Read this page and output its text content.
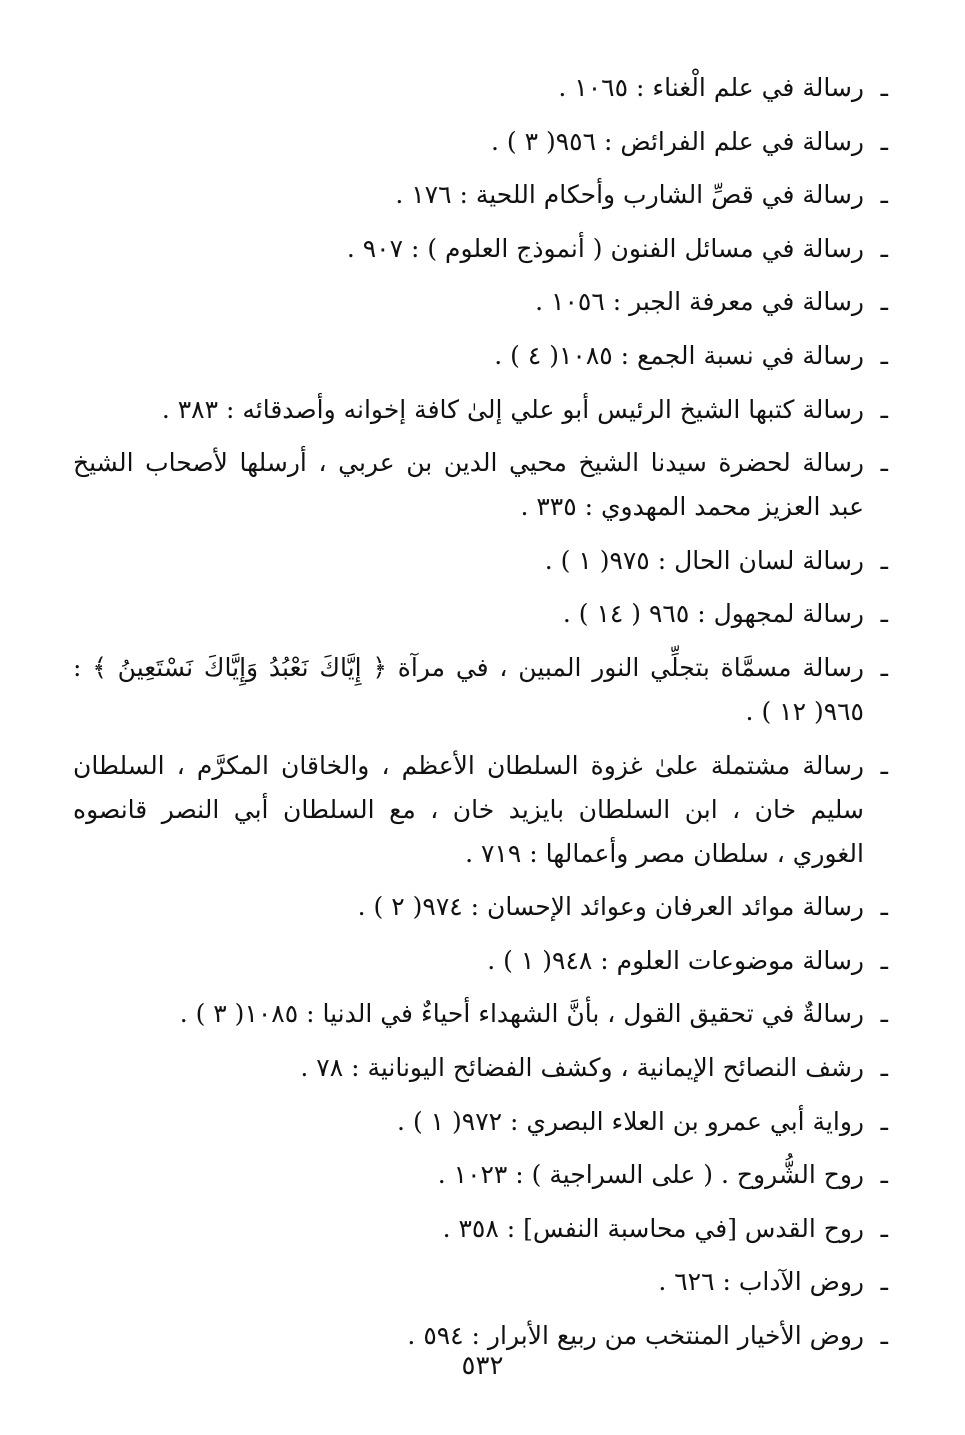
ـ
رسالة في علم الْغناء : ١٠٦٥ .
ـ
رسالة في علم الفرائض : ٩٥٦( ٣ ) .
ـ
رسالة في قصِّ الشارب وأحكام اللحية : ١٧٦ .
ـ
رسالة في مسائل الفنون ( أنموذج العلوم ) : ٩٠٧ .
ـ
رسالة في معرفة الجبر : ١٠٥٦ .
ـ
رسالة في نسبة الجمع : ١٠٨٥( ٤ ) .
ـ
رسالة كتبها الشيخ الرئيس أبو علي إلىٰ كافة إخوانه وأصدقائه : ٣٨٣ .
ـ
رسالة لحضرة سيدنا الشيخ محيي الدين بن عربي ، أرسلها لأصحاب الشيخ عبد العزيز محمد المهدوي : ٣٣٥ .
ـ
رسالة لسان الحال : ٩٧٥( ١ ) .
ـ
رسالة لمجهول : ٩٦٥ ( ١٤ ) .
ـ
رسالة مسمَّاة بتجلِّي النور المبين ، في مرآة ﴿ إِيَّاكَ نَعْبُدُ وَإِيَّاكَ نَسْتَعِينُ ﴾ : ٩٦٥( ١٢ ) .
ـ
رسالة مشتملة علىٰ غزوة السلطان الأعظم ، والخاقان المكرَّم ، السلطان سليم خان ، ابن السلطان بايزيد خان ، مع السلطان أبي النصر قانصوه الغوري ، سلطان مصر وأعمالها : ٧١٩ .
ـ
رسالة موائد العرفان وعوائد الإحسان : ٩٧٤( ٢ ) .
ـ
رسالة موضوعات العلوم : ٩٤٨( ١ ) .
ـ
رسالةٌ في تحقيق القول ، بأنَّ الشهداء أحياءٌ في الدنيا : ١٠٨٥( ٣ ) .
ـ
رشف النصائح الإيمانية ، وكشف الفضائح اليونانية : ٧٨ .
ـ
رواية أبي عمرو بن العلاء البصري : ٩٧٢( ١ ) .
ـ
روح الشُّروح . ( على السراجية ) : ١٠٢٣ .
ـ
روح القدس [في محاسبة النفس] : ٣٥٨ .
ـ
روض الآداب : ٦٢٦ .
ـ
روض الأخيار المنتخب من ربيع الأبرار : ٥٩٤ .
٥٣٢
